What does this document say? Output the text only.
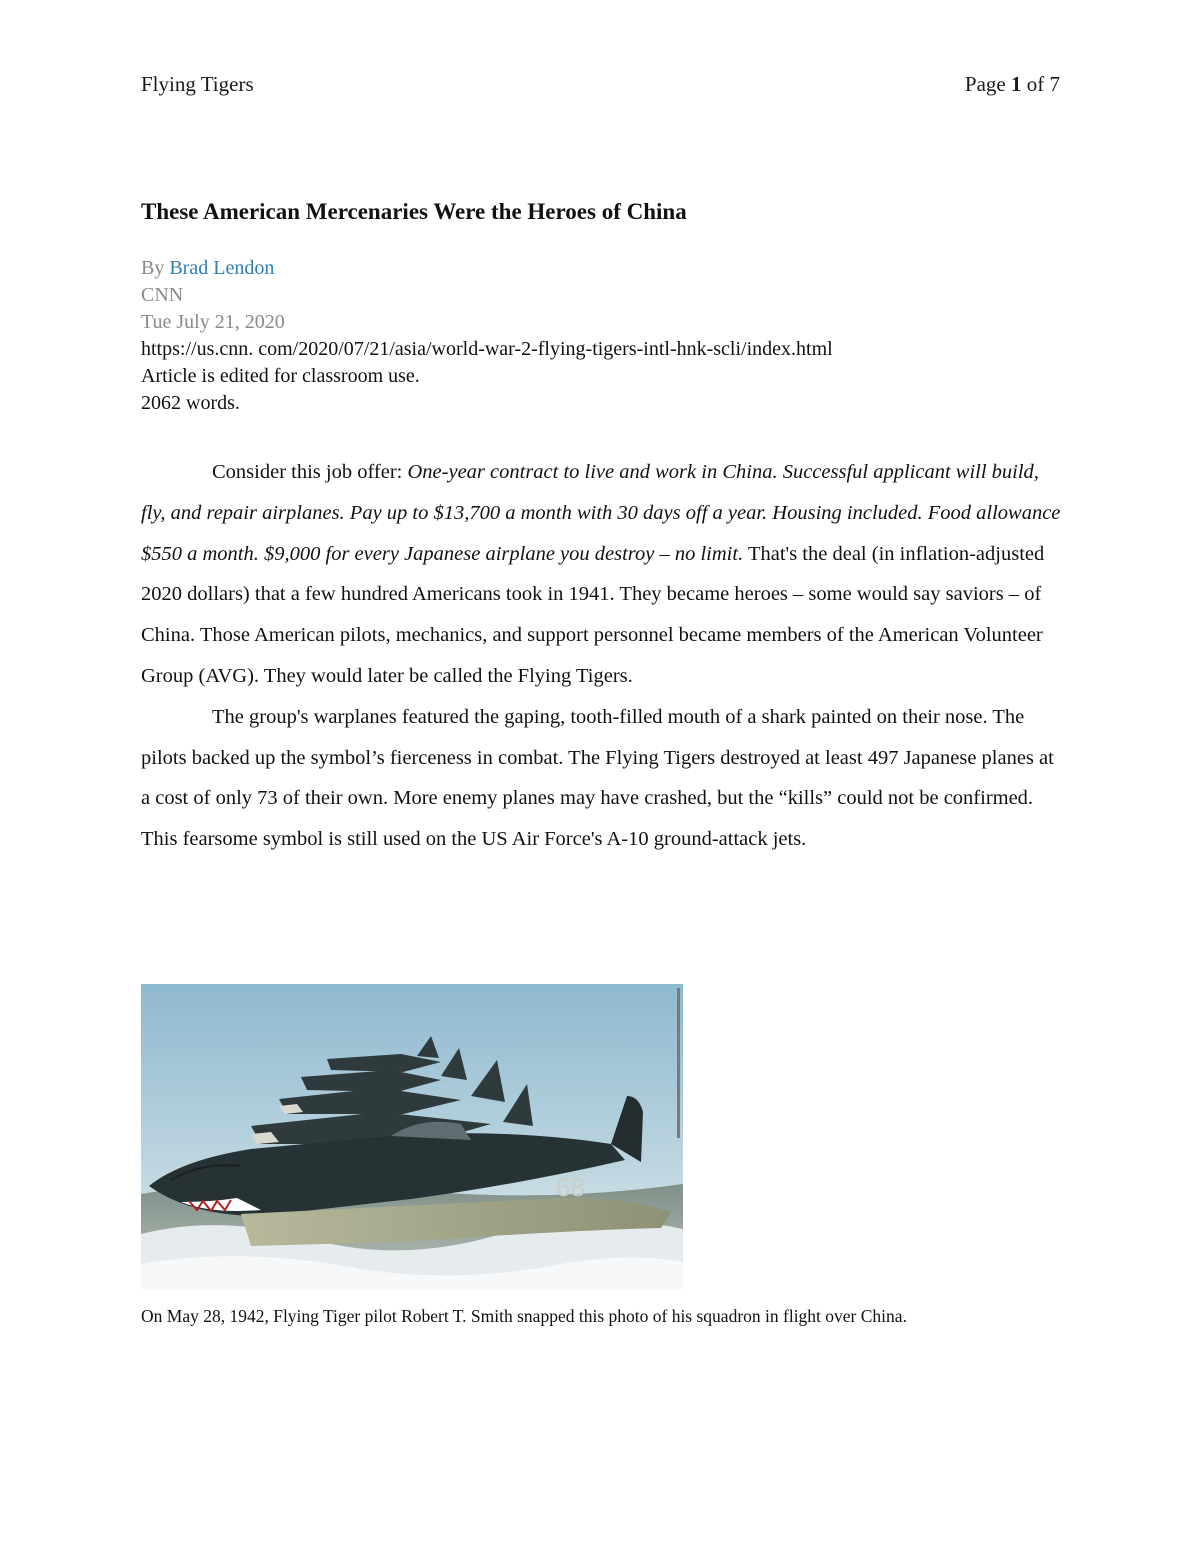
Flying Tigers	Page 1 of 7
These American Mercenaries Were the Heroes of China
By Brad Lendon
CNN
Tue July 21, 2020
https://us.cnn. com/2020/07/21/asia/world-war-2-flying-tigers-intl-hnk-scli/index.html
Article is edited for classroom use.
2062 words.

Consider this job offer: One-year contract to live and work in China. Successful applicant will build, fly, and repair airplanes. Pay up to $13,700 a month with 30 days off a year. Housing included. Food allowance $550 a month. $9,000 for every Japanese airplane you destroy – no limit. That's the deal (in inflation-adjusted 2020 dollars) that a few hundred Americans took in 1941. They became heroes – some would say saviors – of China. Those American pilots, mechanics, and support personnel became members of the American Volunteer Group (AVG). They would later be called the Flying Tigers.

The group's warplanes featured the gaping, tooth-filled mouth of a shark painted on their nose. The pilots backed up the symbol’s fierceness in combat. The Flying Tigers destroyed at least 497 Japanese planes at a cost of only 73 of their own. More enemy planes may have crashed, but the “kills” could not be confirmed. This fearsome symbol is still used on the US Air Force's A-10 ground-attack jets.

68
On May 28, 1942, Flying Tiger pilot Robert T. Smith snapped this photo of his squadron in flight over China.
